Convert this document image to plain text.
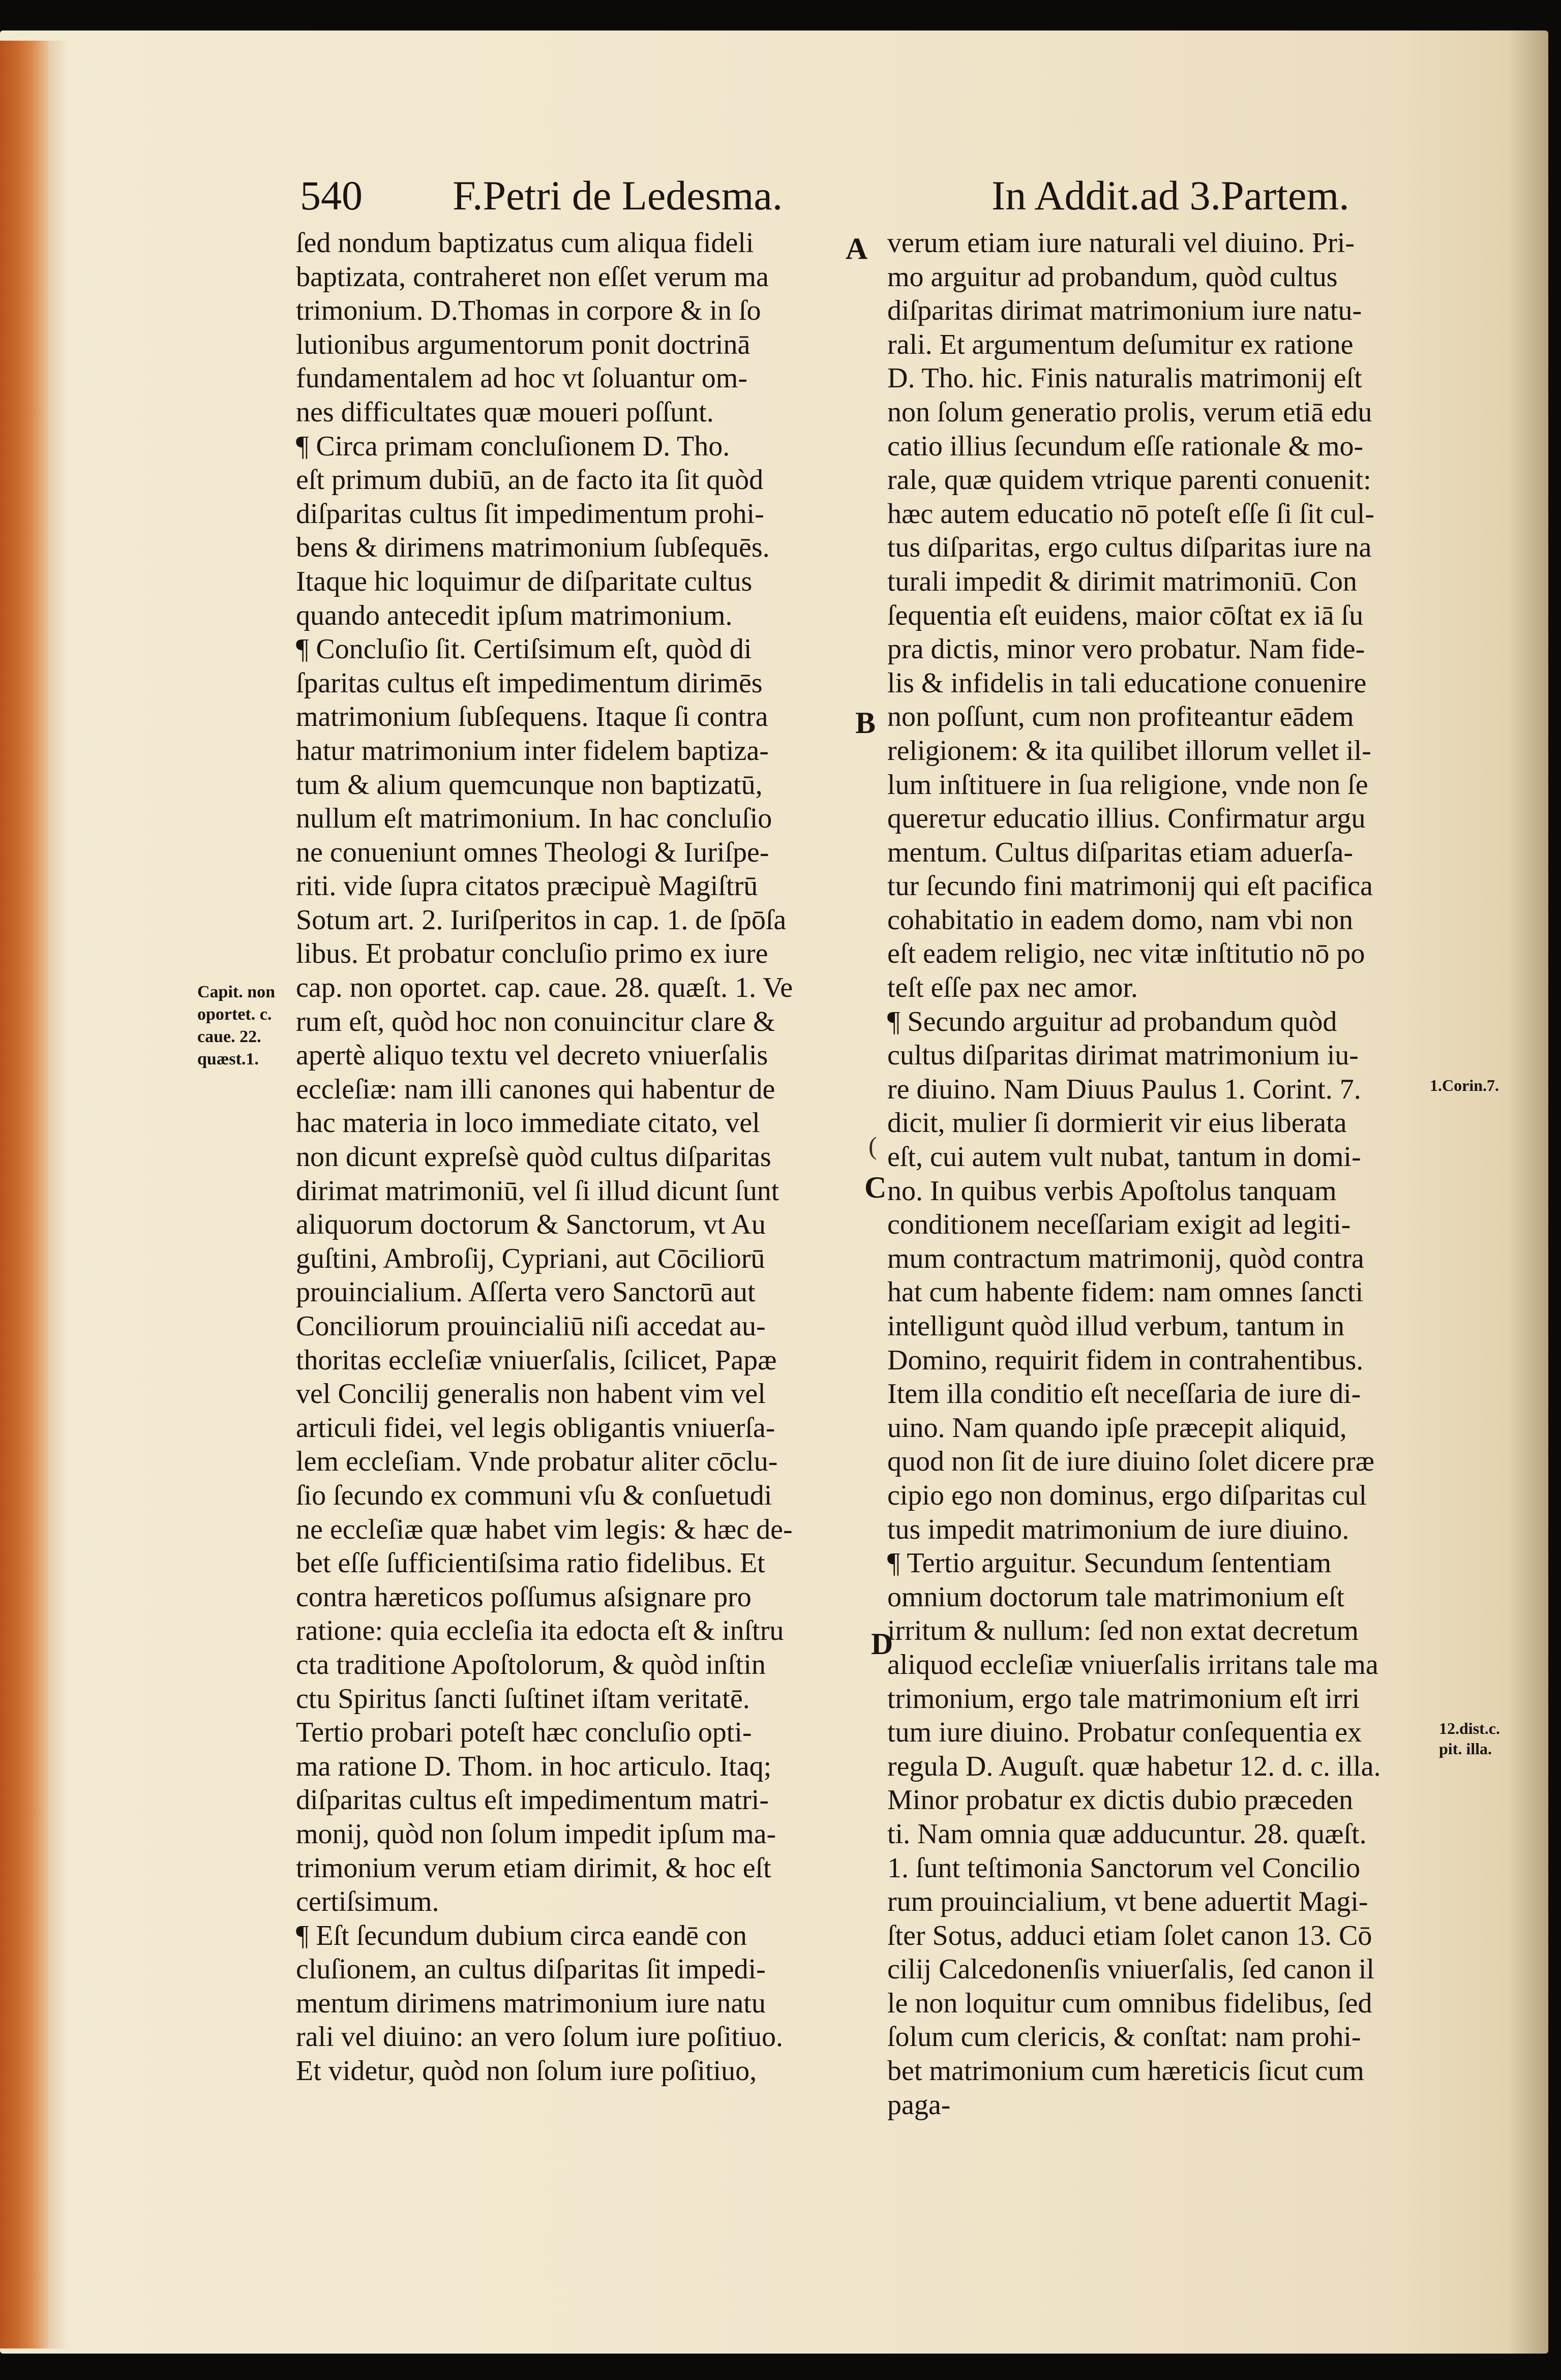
540 F.Petri de Ledesma.	In Addit.ad 3.Partem.
ſed nondum baptizatus cum aliqua fideli
baptizata, contraheret non eſſet verum ma
trimonium. D.Thomas in corpore & in ſo
lutionibus argumentorum ponit doctrinā
fundamentalem ad hoc vt ſoluantur om-
nes difficultates quæ moueri poſſunt.
¶ Circa primam concluſionem D. Tho.
eſt primum dubiū, an de facto ita ſit quòd
diſparitas cultus ſit impedimentum prohi-
bens & dirimens matrimonium ſubſequēs.
Itaque hic loquimur de diſparitate cultus
quando antecedit ipſum matrimonium.
¶ Concluſio ſit. Certiſsimum eſt, quòd di
ſparitas cultus eſt impedimentum dirimēs
matrimonium ſubſequens. Itaque ſi contra
hatur matrimonium inter fidelem baptiza-
tum & alium quemcunque non baptizatū,
nullum eſt matrimonium. In hac concluſio
ne conueniunt omnes Theologi & Iuriſpe-
riti. vide ſupra citatos præcipuè Magiſtrū
Sotum art. 2. Iuriſperitos in cap. 1. de ſpōſa
libus. Et probatur concluſio primo ex iure
cap. non oportet. cap. caue. 28. quæſt. 1. Ve
rum eſt, quòd hoc non conuincitur clare &
apertè aliquo textu vel decreto vniuerſalis
eccleſiæ: nam illi canones qui habentur de
hac materia in loco immediate citato, vel
non dicunt expreſsè quòd cultus diſparitas
dirimat matrimoniū, vel ſi illud dicunt ſunt
aliquorum doctorum & Sanctorum, vt Au
guſtini, Ambroſij, Cypriani, aut Cōciliorū
prouincialium. Aſſerta vero Sanctorū aut
Conciliorum prouincialiū niſi accedat au-
thoritas eccleſiæ vniuerſalis, ſcilicet, Papæ
vel Concilij generalis non habent vim vel
articuli fidei, vel legis obligantis vniuerſa-
lem eccleſiam. Vnde probatur aliter cōclu-
ſio ſecundo ex communi vſu & conſuetudi
ne eccleſiæ quæ habet vim legis: & hæc de-
bet eſſe ſufficientiſsima ratio fidelibus. Et
contra hæreticos poſſumus aſsignare pro
ratione: quia eccleſia ita edocta eſt & inſtru
cta traditione Apoſtolorum, & quòd inſtin
ctu Spiritus ſancti ſuſtinet iſtam veritatē.
Tertio probari poteſt hæc concluſio opti-
ma ratione D. Thom. in hoc articulo. Itaq;
diſparitas cultus eſt impedimentum matri-
monij, quòd non ſolum impedit ipſum ma-
trimonium verum etiam dirimit, & hoc eſt
certiſsimum.
¶ Eſt ſecundum dubium circa eandē con
cluſionem, an cultus diſparitas ſit impedi-
mentum dirimens matrimonium iure natu
rali vel diuino: an vero ſolum iure poſitiuo.
Et videtur, quòd non ſolum iure poſitiuo,
verum etiam iure naturali vel diuino. Pri-
mo arguitur ad probandum, quòd cultus
diſparitas dirimat matrimonium iure natu-
rali. Et argumentum deſumitur ex ratione
D. Tho. hic. Finis naturalis matrimonij eſt
non ſolum generatio prolis, verum etiā edu
catio illius ſecundum eſſe rationale & mo-
rale, quæ quidem vtrique parenti conuenit:
hæc autem educatio nō poteſt eſſe ſi ſit cul-
tus diſparitas, ergo cultus diſparitas iure na
turali impedit & dirimit matrimoniū. Con
ſequentia eſt euidens, maior cōſtat ex iā ſu
pra dictis, minor vero probatur. Nam fide-
lis & infidelis in tali educatione conuenire
non poſſunt, cum non profiteantur eādem
religionem: & ita quilibet illorum vellet il-
lum inſtituere in ſua religione, vnde non ſe
quereτur educatio illius. Confirmatur argu
mentum. Cultus diſparitas etiam aduerſa-
tur ſecundo fini matrimonij qui eſt pacifica
cohabitatio in eadem domo, nam vbi non
eſt eadem religio, nec vitæ inſtitutio nō po
teſt eſſe pax nec amor.
¶ Secundo arguitur ad probandum quòd
cultus diſparitas dirimat matrimonium iu-
re diuino. Nam Diuus Paulus 1. Corint. 7.
dicit, mulier ſi dormierit vir eius liberata
eſt, cui autem vult nubat, tantum in domi-
no. In quibus verbis Apoſtolus tanquam
conditionem neceſſariam exigit ad legiti-
mum contractum matrimonij, quòd contra
hat cum habente fidem: nam omnes ſancti
intelligunt quòd illud verbum, tantum in
Domino, requirit fidem in contrahentibus.
Item illa conditio eſt neceſſaria de iure di-
uino. Nam quando ipſe præcepit aliquid,
quod non ſit de iure diuino ſolet dicere præ
cipio ego non dominus, ergo diſparitas cul
tus impedit matrimonium de iure diuino.
¶ Tertio arguitur. Secundum ſententiam
omnium doctorum tale matrimonium eſt
irritum & nullum: ſed non extat decretum
aliquod eccleſiæ vniuerſalis irritans tale ma
trimonium, ergo tale matrimonium eſt irri
tum iure diuino. Probatur conſequentia ex
regula D. Auguſt. quæ habetur 12. d. c. illa.
Minor probatur ex dictis dubio præceden
ti. Nam omnia quæ adducuntur. 28. quæſt.
1. ſunt teſtimonia Sanctorum vel Concilio
rum prouincialium, vt bene aduertit Magi-
ſter Sotus, adduci etiam ſolet canon 13. Cō
cilij Calcedonenſis vniuerſalis, ſed canon il
le non loquitur cum omnibus fidelibus, ſed
ſolum cum clericis, & conſtat: nam prohi-
bet matrimonium cum hæreticis ſicut cum
paga-
A
B
C
D
(
Capit. non
oportet. c.
caue. 22.
quæst.1.
1.Corin.7.
12.dist.c.
pit. illa.
